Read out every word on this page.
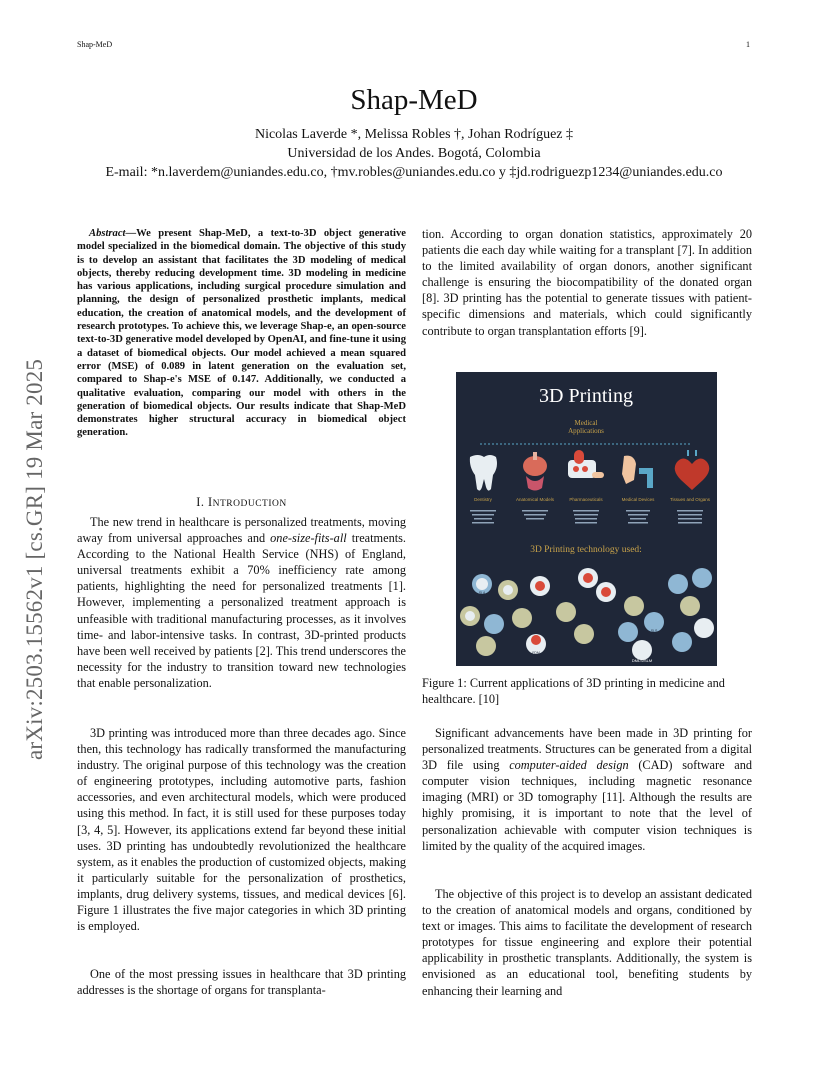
Shap-MeD	1
arXiv:2503.15562v1 [cs.GR] 19 Mar 2025
Shap-MeD
Nicolas Laverde *, Melissa Robles †, Johan Rodríguez ‡
Universidad de los Andes. Bogotá, Colombia
E-mail: *n.laverdem@uniandes.edu.co, †mv.robles@uniandes.edu.co y ‡jd.rodriguezp1234@uniandes.edu.co
Abstract—We present Shap-MeD, a text-to-3D object generative model specialized in the biomedical domain. The objective of this study is to develop an assistant that facilitates the 3D modeling of medical objects, thereby reducing development time. 3D modeling in medicine has various applications, including surgical procedure simulation and planning, the design of personalized prosthetic implants, medical education, the creation of anatomical models, and the development of research prototypes. To achieve this, we leverage Shap-e, an open-source text-to-3D generative model developed by OpenAI, and fine-tune it using a dataset of biomedical objects. Our model achieved a mean squared error (MSE) of 0.089 in latent generation on the evaluation set, compared to Shap-e's MSE of 0.147. Additionally, we conducted a qualitative evaluation, comparing our model with others in the generation of biomedical objects. Our results indicate that Shap-MeD demonstrates higher structural accuracy in biomedical object generation.
I. INTRODUCTION

The new trend in healthcare is personalized treatments, moving away from universal approaches and one-size-fits-all treatments. According to the National Health Service (NHS) of England, universal treatments exhibit a 70% inefficiency rate among patients, highlighting the need for personalized treatments [1]. However, implementing a personalized treatment approach is unfeasible with traditional manufacturing processes, as it involves time- and labor-intensive tasks. In contrast, 3D-printed products have been well received by patients [2]. This trend underscores the necessity for the industry to transition toward new technologies that enable personalization.

3D printing was introduced more than three decades ago. Since then, this technology has radically transformed the manufacturing industry. The original purpose of this technology was the creation of engineering prototypes, including automotive parts, fashion accessories, and even architectural models, which were produced using this method. In fact, it is still used for these purposes today [3, 4, 5]. However, its applications extend far beyond these initial uses. 3D printing has undoubtedly revolutionized the healthcare system, as it enables the production of customized objects, making it particularly suitable for the personalization of prosthetics, implants, drug delivery systems, tissues, and medical devices [6]. Figure 1 illustrates the five major categories in which 3D printing is employed.

One of the most pressing issues in healthcare that 3D printing addresses is the shortage of organs for transplanta-

tion. According to organ donation statistics, approximately 20 patients die each day while waiting for a transplant [7]. In addition to the limited availability of organ donors, another significant challenge is ensuring the biocompatibility of the donated organ [8]. 3D printing has the potential to generate tissues with patient-specific dimensions and materials, which could significantly contribute to organ transplantation efforts [9].

3D Printing
Medical
Applications
Dentistry	Anatomical Models	Pharmaceuticals	Medical Devices	Tissues and Organs
3D Printing technology used:
SLA
FDM
SLS
DMLS/SLM
Figure 1: Current applications of 3D printing in medicine and healthcare. [10]

Significant advancements have been made in 3D printing for personalized treatments. Structures can be generated from a digital 3D file using computer-aided design (CAD) software and computer vision techniques, including magnetic resonance imaging (MRI) or 3D tomography [11]. Although the results are highly promising, it is important to note that the level of personalization achievable with computer vision techniques is limited by the quality of the acquired images.

The objective of this project is to develop an assistant dedicated to the creation of anatomical models and organs, conditioned by text or images. This aims to facilitate the development of research prototypes for tissue engineering and explore their potential applicability in prosthetic transplants. Additionally, the system is envisioned as an educational tool, benefiting students by enhancing their learning and
